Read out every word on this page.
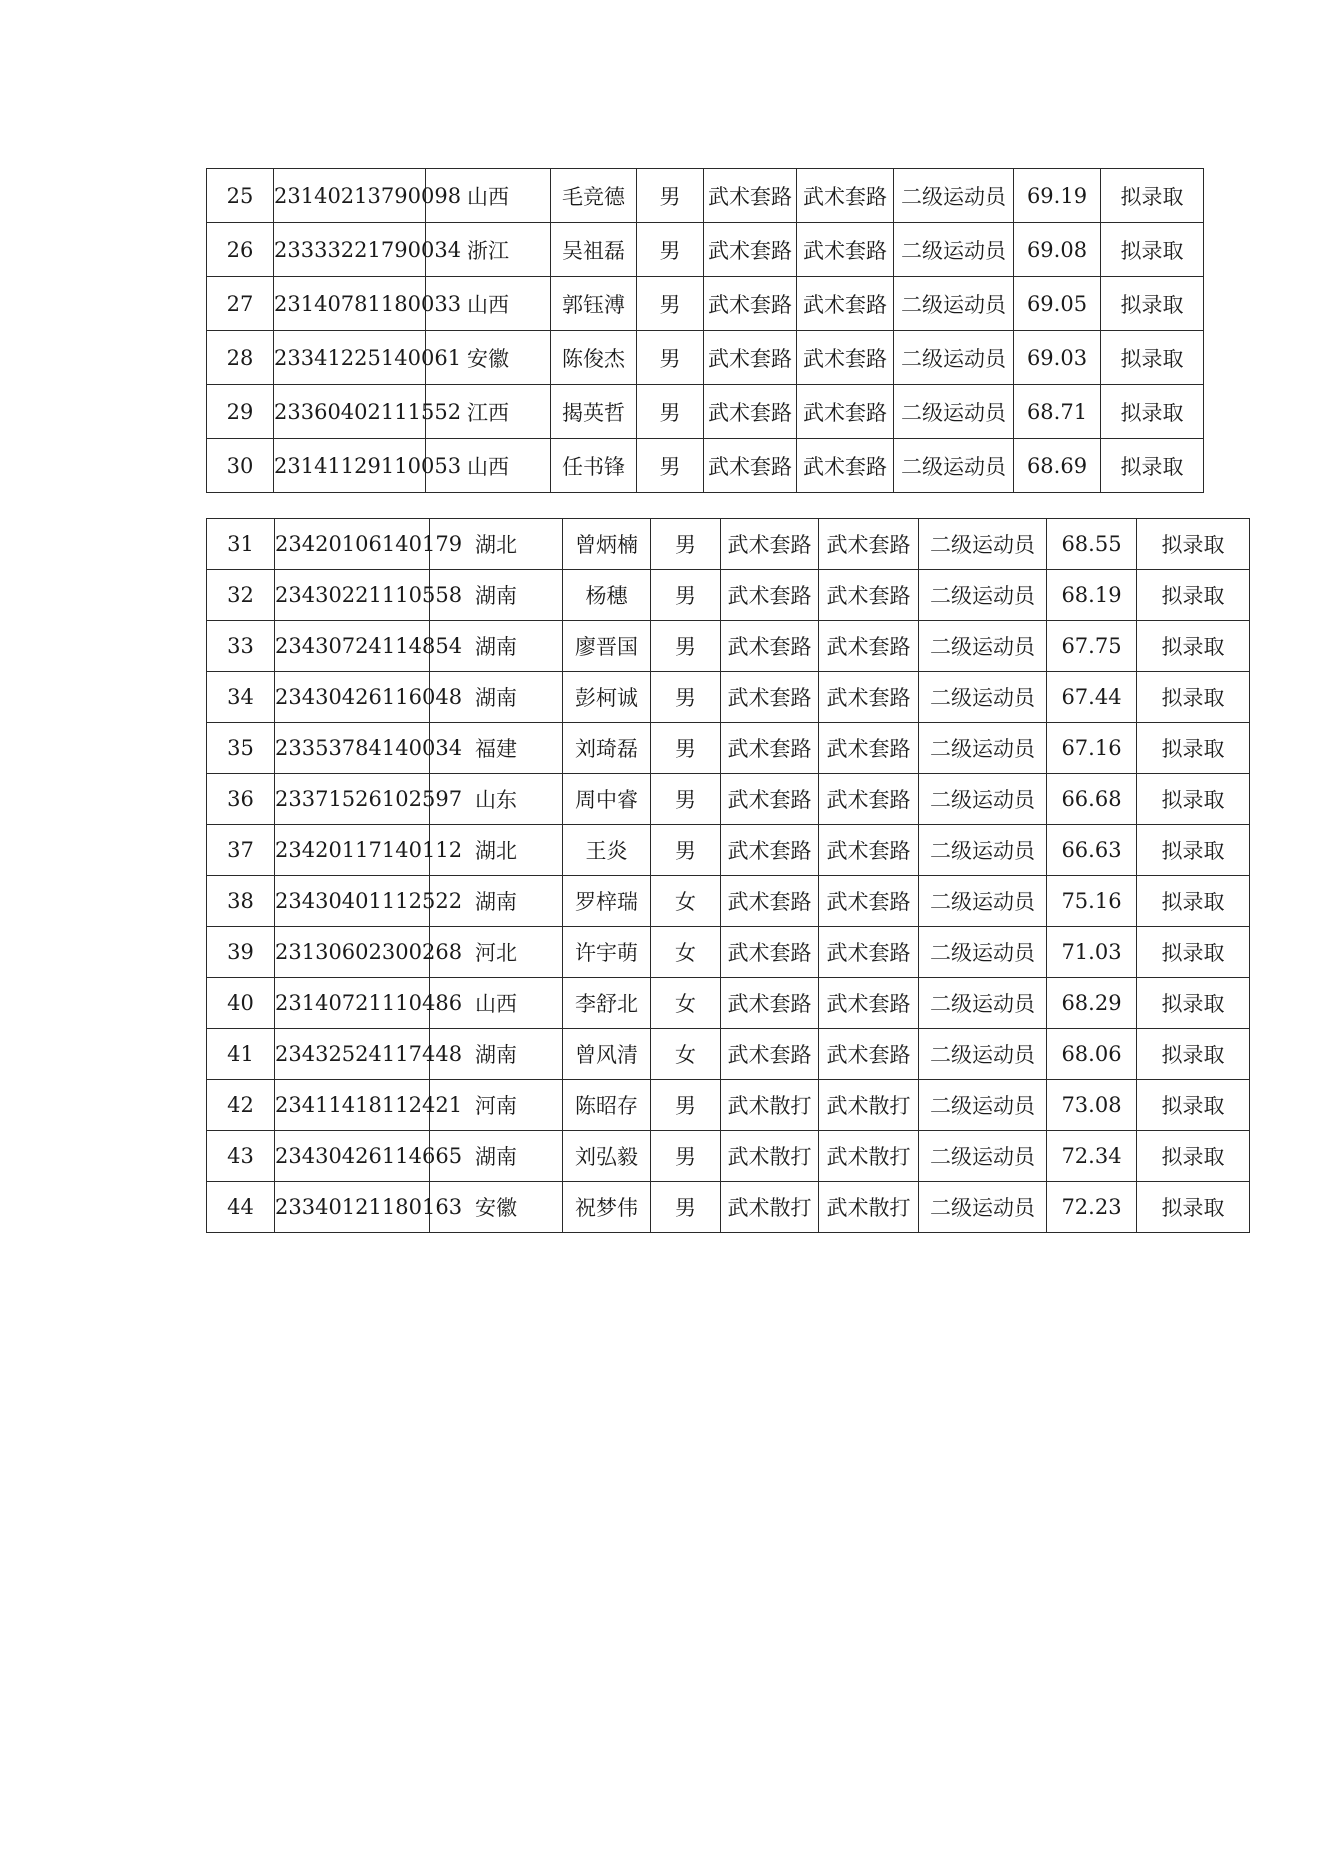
25	23140213790098	山西	毛竞德	男	武术套路	武术套路	二级运动员	69.19	拟录取
26	23333221790034	浙江	吴祖磊	男	武术套路	武术套路	二级运动员	69.08	拟录取
27	23140781180033	山西	郭钰溥	男	武术套路	武术套路	二级运动员	69.05	拟录取
28	23341225140061	安徽	陈俊杰	男	武术套路	武术套路	二级运动员	69.03	拟录取
29	23360402111552	江西	揭英哲	男	武术套路	武术套路	二级运动员	68.71	拟录取
30	23141129110053	山西	任书锋	男	武术套路	武术套路	二级运动员	68.69	拟录取
31	23420106140179	湖北	曾炳楠	男	武术套路	武术套路	二级运动员	68.55	拟录取
32	23430221110558	湖南	杨穗	男	武术套路	武术套路	二级运动员	68.19	拟录取
33	23430724114854	湖南	廖晋国	男	武术套路	武术套路	二级运动员	67.75	拟录取
34	23430426116048	湖南	彭柯诚	男	武术套路	武术套路	二级运动员	67.44	拟录取
35	23353784140034	福建	刘琦磊	男	武术套路	武术套路	二级运动员	67.16	拟录取
36	23371526102597	山东	周中睿	男	武术套路	武术套路	二级运动员	66.68	拟录取
37	23420117140112	湖北	王炎	男	武术套路	武术套路	二级运动员	66.63	拟录取
38	23430401112522	湖南	罗梓瑞	女	武术套路	武术套路	二级运动员	75.16	拟录取
39	23130602300268	河北	许宇萌	女	武术套路	武术套路	二级运动员	71.03	拟录取
40	23140721110486	山西	李舒北	女	武术套路	武术套路	二级运动员	68.29	拟录取
41	23432524117448	湖南	曾风清	女	武术套路	武术套路	二级运动员	68.06	拟录取
42	23411418112421	河南	陈昭存	男	武术散打	武术散打	二级运动员	73.08	拟录取
43	23430426114665	湖南	刘弘毅	男	武术散打	武术散打	二级运动员	72.34	拟录取
44	23340121180163	安徽	祝梦伟	男	武术散打	武术散打	二级运动员	72.23	拟录取
